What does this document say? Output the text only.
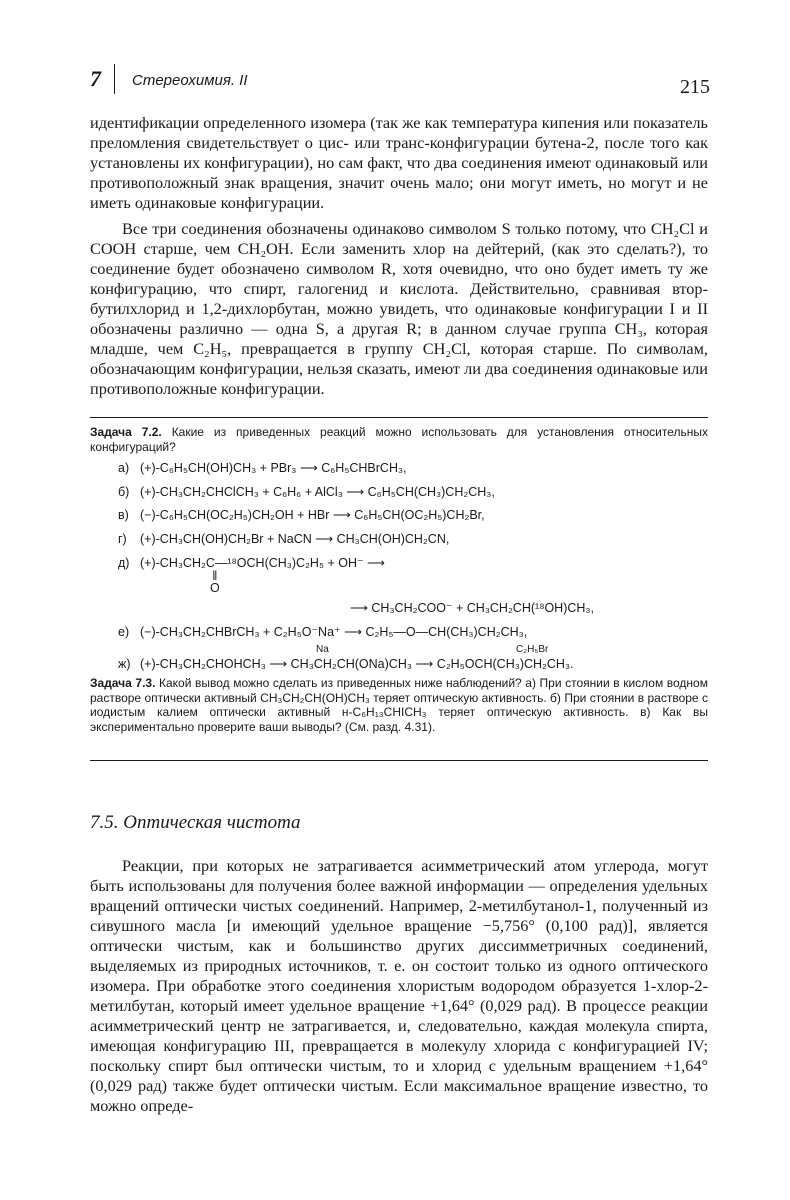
7 Стереохимия. II	215

идентификации определенного изомера (так же как температура кипения или показатель преломления свидетельствует о цис- или транс-конфигурации бутена-2, после того как установлены их конфигурации), но сам факт, что два соединения имеют одинаковый или противоположный знак вращения, значит очень мало; они могут иметь, но могут и не иметь одинаковые конфигурации.

Все три соединения обозначены одинаково символом S только потому, что CH₂Cl и COOH старше, чем CH₂OH. Если заменить хлор на дейтерий, (как это сделать?), то соединение будет обозначено символом R, хотя очевидно, что оно будет иметь ту же конфигурацию, что спирт, галогенид и кислота. Действительно, сравнивая втор-бутилхлорид и 1,2-дихлорбутан, можно увидеть, что одинаковые конфигурации I и II обозначены различно — одна S, а другая R; в данном случае группа CH₃, которая младше, чем C₂H₅, превращается в группу CH₂Cl, которая старше. По символам, обозначающим конфигурации, нельзя сказать, имеют ли два соединения одинаковые или противоположные конфигурации.

Задача 7.2. Какие из приведенных реакций можно использовать для установления относительных конфигураций?
а) (+)-C₆H₅CH(OH)CH₃ + PBr₃ ⟶ C₆H₅CHBrCH₃,
б) (+)-CH₃CH₂CHClCH₃ + C₆H₆ + AlCl₃ ⟶ C₆H₅CH(CH₃)CH₂CH₃,
в) (−)-C₆H₅CH(OC₂H₅)CH₂OH + HBr ⟶ C₆H₅CH(OC₂H₅)CH₂Br,
г) (+)-CH₃CH(OH)CH₂Br + NaCN ⟶ CH₃CH(OH)CH₂CN,
д) (+)-CH₃CH₂C—¹⁸OCH(CH₃)C₂H₅ + OH⁻ ⟶
‖
O
⟶ CH₃CH₂COO⁻ + CH₃CH₂CH(¹⁸OH)CH₃,
е) (−)-CH₃CH₂CHBrCH₃ + C₂H₅O⁻Na⁺ ⟶ C₂H₅—O—CH(CH₃)CH₂CH₃,
Na	C₂H₅Br
ж) (+)-CH₃CH₂CHOHCH₃ ⟶ CH₃CH₂CH(ONa)CH₃ ⟶ C₂H₅OCH(CH₃)CH₂CH₃.
Задача 7.3. Какой вывод можно сделать из приведенных ниже наблюдений? а) При стоянии в кислом водном растворе оптически активный CH₃CH₂CH(OH)CH₃ теряет оптическую активность. б) При стоянии в растворе с иодистым калием оптически активный н-C₆H₁₃CHICH₃ теряет оптическую активность. в) Как вы экспериментально проверите ваши выводы? (См. разд. 4.31).
7.5. Оптическая чистота

Реакции, при которых не затрагивается асимметрический атом углерода, могут быть использованы для получения более важной информации — определения удельных вращений оптически чистых соединений. Например, 2-метилбутанол-1, полученный из сивушного масла [и имеющий удельное вращение −5,756° (0,100 рад)], является оптически чистым, как и большинство других диссимметричных соединений, выделяемых из природных источников, т. е. он состоит только из одного оптического изомера. При обработке этого соединения хлористым водородом образуется 1-хлор-2-метилбутан, который имеет удельное вращение +1,64° (0,029 рад). В процессе реакции асимметрический центр не затрагивается, и, следовательно, каждая молекула спирта, имеющая конфигурацию III, превращается в молекулу хлорида с конфигурацией IV; поскольку спирт был оптически чистым, то и хлорид с удельным вращением +1,64° (0,029 рад) также будет оптически чистым. Если максимальное вращение известно, то можно опреде-
